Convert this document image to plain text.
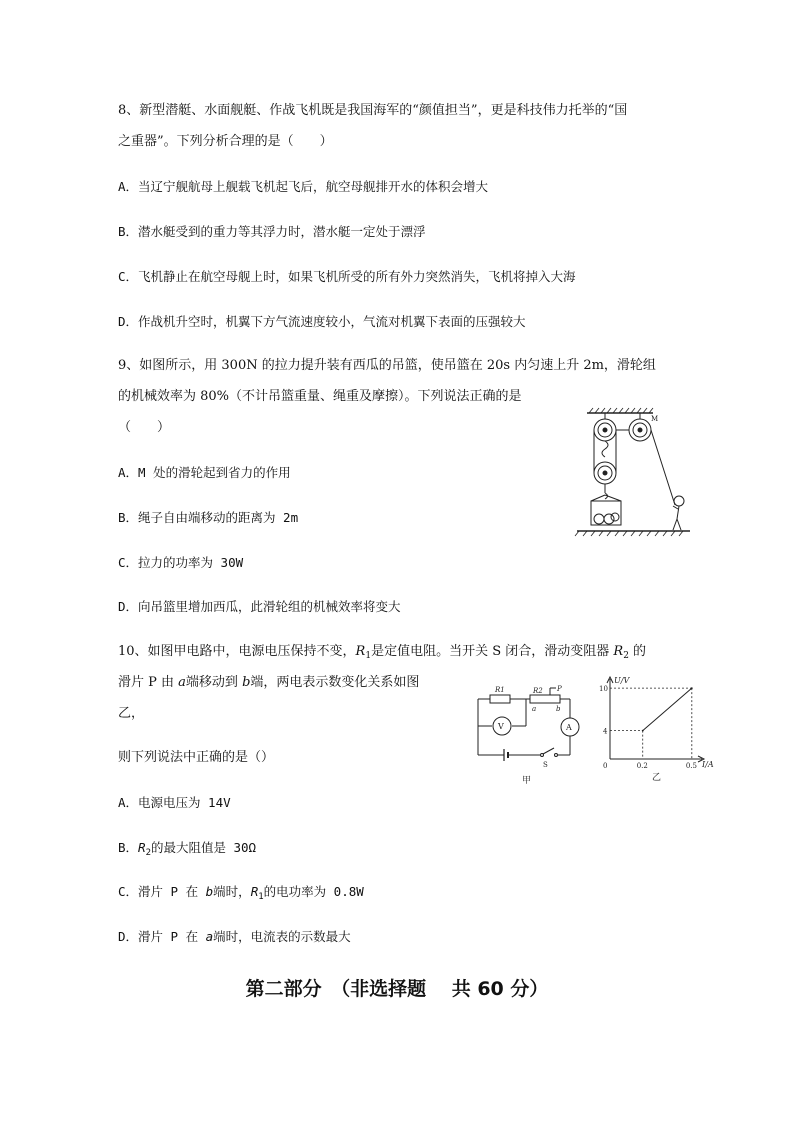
8、新型潜艇、水面舰艇、作战飞机既是我国海军的“颜值担当”，更是科技伟力托举的“国
之重器”。下列分析合理的是（　　）
A．当辽宁舰航母上舰载飞机起飞后，航空母舰排开水的体积会增大
B．潜水艇受到的重力等其浮力时，潜水艇一定处于漂浮
C．飞机静止在航空母舰上时，如果飞机所受的所有外力突然消失，飞机将掉入大海
D．作战机升空时，机翼下方气流速度较小，气流对机翼下表面的压强较大
9、如图所示，用 300N 的拉力提升装有西瓜的吊篮，使吊篮在 20s 内匀速上升 2m，滑轮组
的机械效率为 80%（不计吊篮重量、绳重及摩擦）。下列说法正确的是
（　　）
A．M 处的滑轮起到省力的作用
B．绳子自由端移动的距离为 2m
C．拉力的功率为 30W
D．向吊篮里增加西瓜，此滑轮组的机械效率将变大
M
10、如图甲电路中，电源电压保持不变，$R_1$是定值电阻。当开关 S 闭合，滑动变阻器 $R_2$ 的
滑片 P 由 a端移动到 b端，两电表示数变化关系如图
乙，
则下列说法中正确的是（）
A．电源电压为 14V
B．$R_2$的最大阻值是 30Ω
C．滑片 P 在 b端时，$R_1$的电功率为 0.8W
D．滑片 P 在 a端时，电流表的示数最大
R1	R2 P
a	b
V	A
S
甲
0.2
4
0.5
10
U/V
I/A
0
乙
第二部分　（非选择题　 共 60 分）
